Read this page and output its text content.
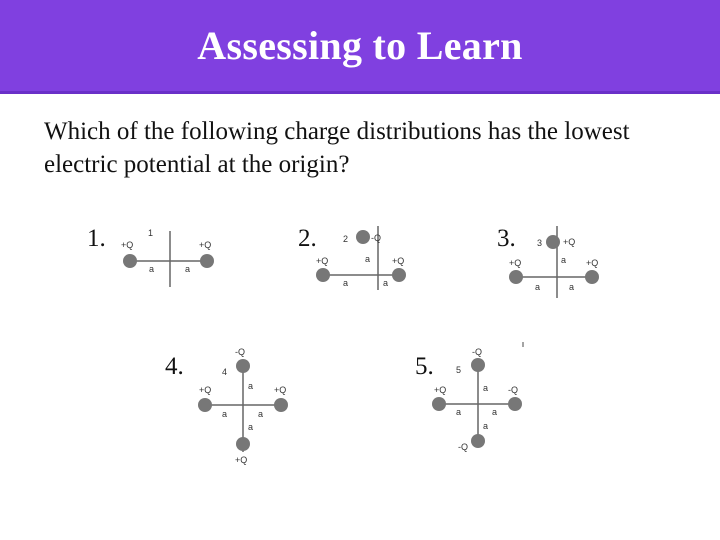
Assessing to Learn
Which of the following charge distributions has the lowest electric potential at the origin?
1.	1
+Q	+Q
a	a
2.	2	-Q
+Q	+Q
a
a	a
3. 3 +Q
+Q	+Q
a
a	a
4.
-Q
4
+Q	+Q
a
a	a
a
+Q
5.
-Q
5
+Q	-Q
a
a	a
a
-Q
